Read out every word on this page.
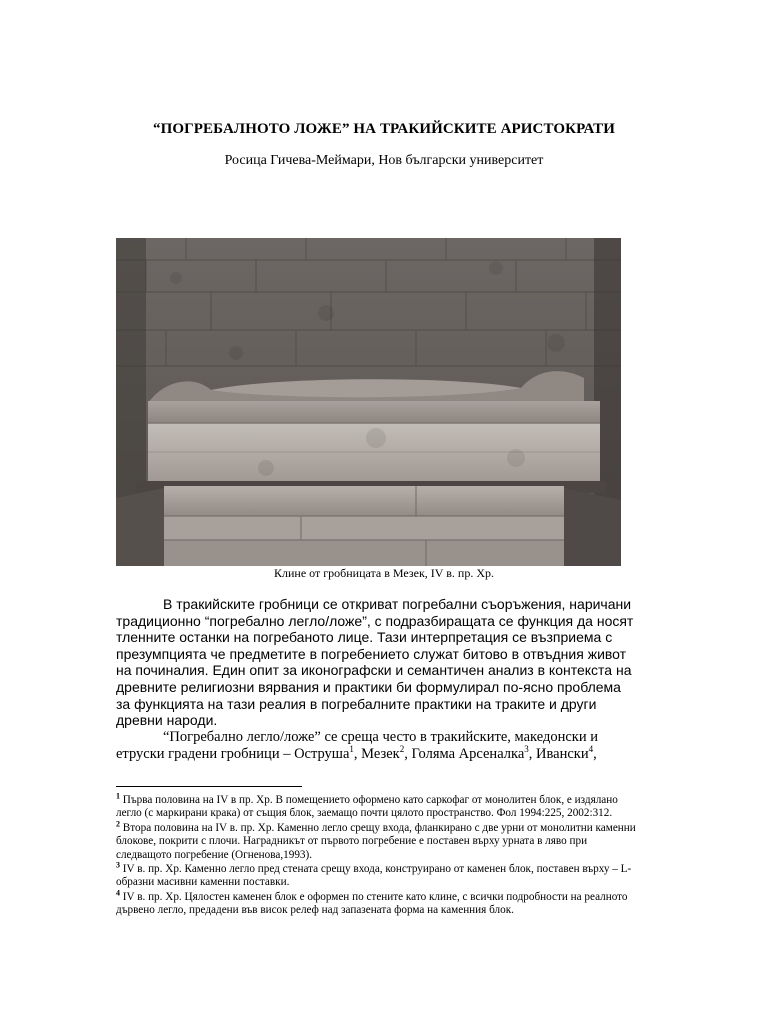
“ПОГРЕБАЛНОТО ЛОЖЕ” НА ТРАКИЙСКИТЕ АРИСТОКРАТИ
Росица Гичева-Меймари, Нов български университет
Клине от гробницата в Мезек, IV в. пр. Хр.

В тракийските гробници се откриват погребални съоръжения, наричани традиционно “погребално легло/ложе”, с подразбиращата се функция да носят тленните останки на погребаното лице. Тази интерпретация се възприема с презумпцията че предметите в погребението служат битово в отвъдния живот на починалия. Един опит за иконографски и семантичен анализ в контекста на древните религиозни вярвания и практики би формулирал по-ясно проблема за функцията на тази реалия в погребалните практики на траките и други древни народи.

“Погребално легло/ложе” се среща често в тракийските, македонски и етруски градени гробници – Оструша$^1$, Мезек$^2$, Голяма Арсеналка$^3$, Ивански$^4$,

$^1$ Първа половина на IV в пр. Хр. В помещението оформено като саркофаг от монолитен блок, е издялано легло (с маркирани крака) от същия блок, заемащо почти цялото пространство. Фол 1994:225, 2002:312.

$^2$ Втора половина на IV в. пр. Хр. Каменно легло срещу входа, фланкирано с две урни от монолитни каменни блокове, покрити с плочи. Наградникът от първото погребение е поставен върху урната в ляво при следващото погребение (Огненова,1993).

$^3$ IV в. пр. Хр. Каменно легло пред стената срещу входа, конструирано от каменен блок, поставен върху – L-образни масивни каменни поставки.

$^4$ IV в. пр. Хр. Цялостен каменен блок е оформен по стените като клине, с всички подробности на реалното дървено легло, предадени във висок релеф над запазената форма на каменния блок.
